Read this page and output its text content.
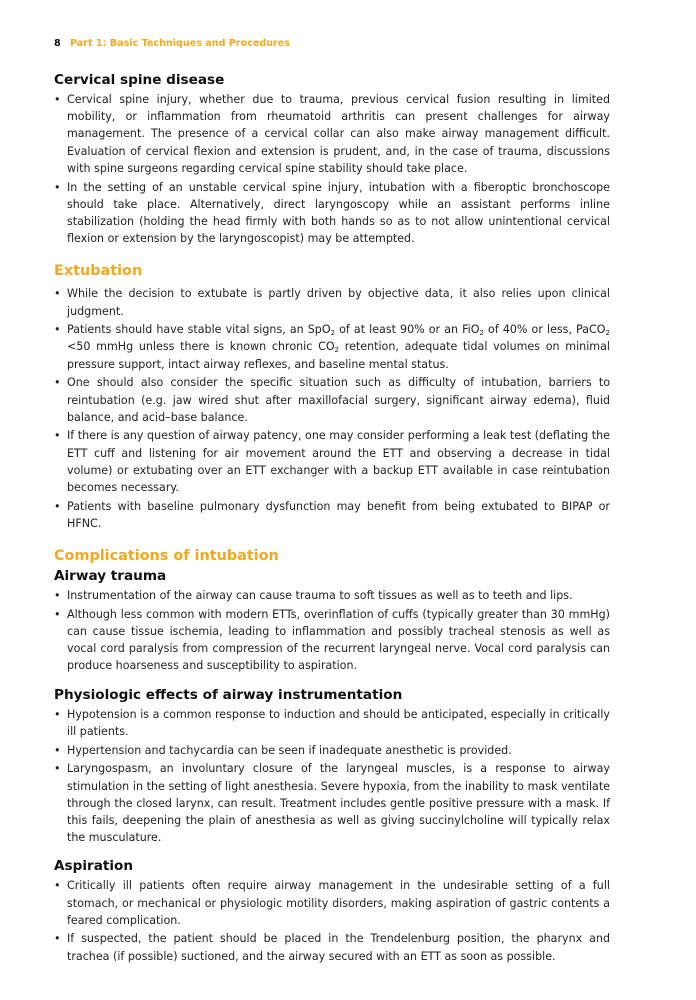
8 Part 1: Basic Techniques and Procedures
Cervical spine disease
• Cervical spine injury, whether due to trauma, previous cervical fusion resulting in limited mobility, or inflammation from rheumatoid arthritis can present challenges for airway management. The presence of a cervical collar can also make airway management difficult. Evaluation of cervical flexion and extension is prudent, and, in the case of trauma, discussions with spine surgeons regarding cervical spine stability should take place.
• In the setting of an unstable cervical spine injury, intubation with a fiberoptic bronchoscope should take place. Alternatively, direct laryngoscopy while an assistant performs inline stabilization (holding the head firmly with both hands so as to not allow unintentional cervical flexion or extension by the laryngoscopist) may be attempted.
Extubation
• While the decision to extubate is partly driven by objective data, it also relies upon clinical judgment.
• Patients should have stable vital signs, an SpO$_2$ of at least 90% or an FiO$_2$ of 40% or less, PaCO$_2$ <50 mmHg unless there is known chronic $CO_2$ retention, adequate tidal volumes on minimal pressure support, intact airway reflexes, and baseline mental status.
• One should also consider the specific situation such as difficulty of intubation, barriers to reintubation (e.g. jaw wired shut after maxillofacial surgery, significant airway edema), fluid balance, and acid–base balance.
• If there is any question of airway patency, one may consider performing a leak test (deflating the ETT cuff and listening for air movement around the ETT and observing a decrease in tidal volume) or extubating over an ETT exchanger with a backup ETT available in case reintubation becomes necessary.
• Patients with baseline pulmonary dysfunction may benefit from being extubated to BIPAP or HFNC.
Complications of intubation
Airway trauma
• Instrumentation of the airway can cause trauma to soft tissues as well as to teeth and lips.
• Although less common with modern ETTs, overinflation of cuffs (typically greater than 30 mmHg) can cause tissue ischemia, leading to inflammation and possibly tracheal stenosis as well as vocal cord paralysis from compression of the recurrent laryngeal nerve. Vocal cord paralysis can produce hoarseness and susceptibility to aspiration.
Physiologic effects of airway instrumentation
• Hypotension is a common response to induction and should be anticipated, especially in critically ill patients.
• Hypertension and tachycardia can be seen if inadequate anesthetic is provided.
• Laryngospasm, an involuntary closure of the laryngeal muscles, is a response to airway stimulation in the setting of light anesthesia. Severe hypoxia, from the inability to mask ventilate through the closed larynx, can result. Treatment includes gentle positive pressure with a mask. If this fails, deepening the plain of anesthesia as well as giving succinylcholine will typically relax the musculature.
Aspiration
• Critically ill patients often require airway management in the undesirable setting of a full stomach, or mechanical or physiologic motility disorders, making aspiration of gastric contents a feared complication.
• If suspected, the patient should be placed in the Trendelenburg position, the pharynx and trachea (if possible) suctioned, and the airway secured with an ETT as soon as possible.
